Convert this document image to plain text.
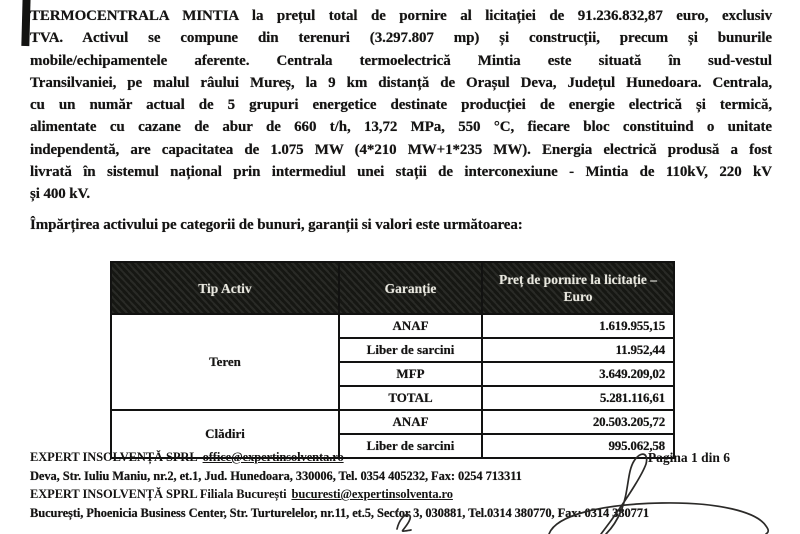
TERMOCENTRALA MINTIA la prețul total de pornire al licitației de 91.236.832,87 euro, exclusiv
TVA. Activul se compune din terenuri (3.297.807 mp) și construcții, precum și bunurile
mobile/echipamentele aferente. Centrala termoelectrică Mintia este situată în sud-vestul
Transilvaniei, pe malul râului Mureș, la 9 km distanță de Orașul Deva, Județul Hunedoara. Centrala,
cu un număr actual de 5 grupuri energetice destinate producției de energie electrică și termică,
alimentate cu cazane de abur de 660 t/h, 13,72 MPa, 550 °C, fiecare bloc constituind o unitate
independentă, are capacitatea de 1.075 MW (4*210 MW+1*235 MW). Energia electrică produsă a fost
livrată în sistemul național prin intermediul unei stații de interconexiune - Mintia de 110kV, 220 kV
și 400 kV.
Împărțirea activului pe categorii de bunuri, garanții si valori este următoarea:
Tip Activ	Garanție	Preț de pornire la licitație – Euro
Teren	ANAF	1.619.955,15
	Liber de sarcini	11.952,44
	MFP	3.649.209,02
	TOTAL	5.281.116,61
Clădiri	ANAF	20.503.205,72
	Liber de sarcini	995.062,58
EXPERT INSOLVENȚĂ SPRL office@expertinsolventa.ro
Deva, Str. Iuliu Maniu, nr.2, et.1, Jud. Hunedoara, 330006, Tel. 0354 405232, Fax: 0254 713311
EXPERT INSOLVENȚĂ SPRL Filiala București bucuresti@expertinsolventa.ro
București, Phoenicia Business Center, Str. Turturelelor, nr.11, et.5, Sector 3, 030881, Tel.0314 380770, Fax: 0314 380771
Pagina 1 din 6
